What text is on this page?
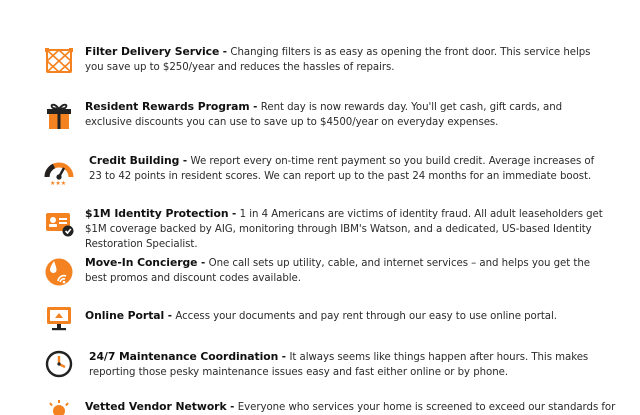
Filter Delivery Service - Changing filters is as easy as opening the front door. This service helps you save up to $250/year and reduces the hassles of repairs.
Resident Rewards Program - Rent day is now rewards day. You'll get cash, gift cards, and exclusive discounts you can use to save up to $4500/year on everyday expenses.
★★★
Credit Building - We report every on-time rent payment so you build credit. Average increases of 23 to 42 points in resident scores. We can report up to the past 24 months for an immediate boost.
$1M Identity Protection - 1 in 4 Americans are victims of identity fraud. All adult leaseholders get $1M coverage backed by AIG, monitoring through IBM's Watson, and a dedicated, US-based Identity Restoration Specialist.
Move-In Concierge - One call sets up utility, cable, and internet services – and helps you get the best promos and discount codes available.
Online Portal - Access your documents and pay rent through our easy to use online portal.
24/7 Maintenance Coordination - It always seems like things happen after hours. This makes reporting those pesky maintenance issues easy and fast either online or by phone.
Vetted Vendor Network - Everyone who services your home is screened to exceed our standards for
